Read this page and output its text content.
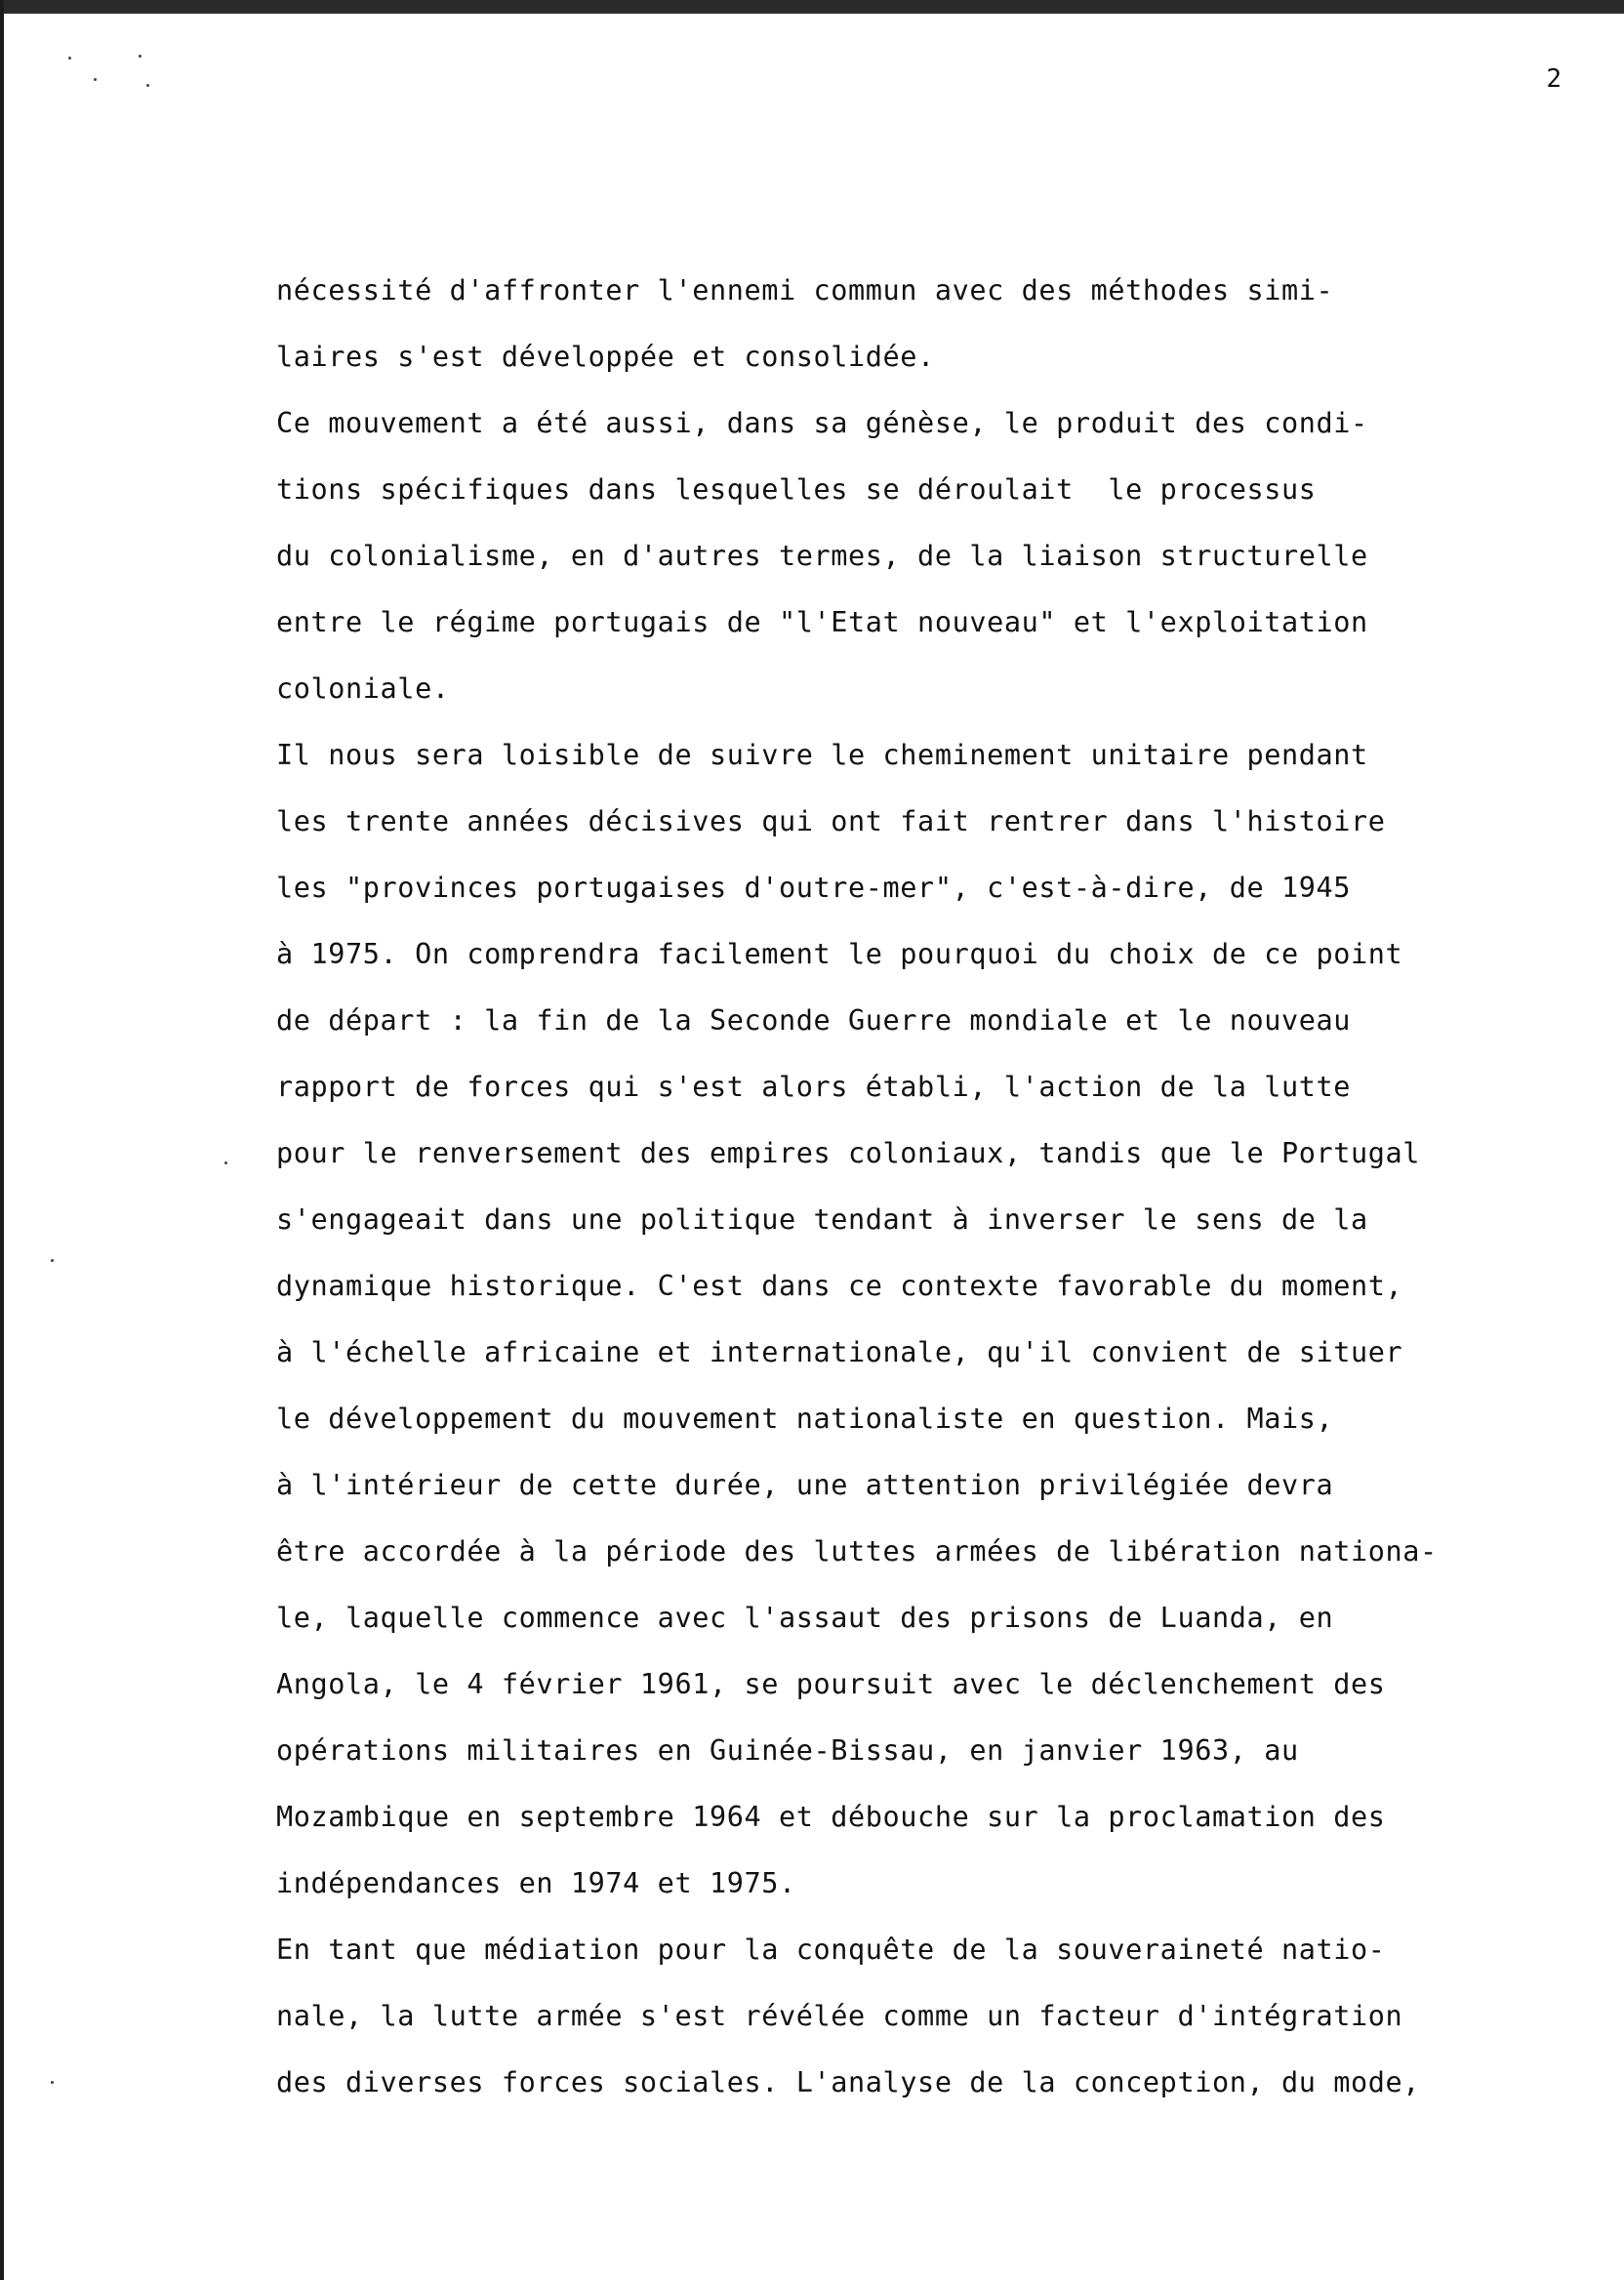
2
nécessité d'affronter l'ennemi commun avec des méthodes simi-
laires s'est développée et consolidée.
Ce mouvement a été aussi, dans sa génèse, le produit des condi-
tions spécifiques dans lesquelles se déroulait  le processus
du colonialisme, en d'autres termes, de la liaison structurelle
entre le régime portugais de "l'Etat nouveau" et l'exploitation
coloniale.
Il nous sera loisible de suivre le cheminement unitaire pendant
les trente années décisives qui ont fait rentrer dans l'histoire
les "provinces portugaises d'outre-mer", c'est-à-dire, de 1945
à 1975. On comprendra facilement le pourquoi du choix de ce point
de départ : la fin de la Seconde Guerre mondiale et le nouveau
rapport de forces qui s'est alors établi, l'action de la lutte
pour le renversement des empires coloniaux, tandis que le Portugal
s'engageait dans une politique tendant à inverser le sens de la
dynamique historique. C'est dans ce contexte favorable du moment,
à l'échelle africaine et internationale, qu'il convient de situer
le développement du mouvement nationaliste en question. Mais,
à l'intérieur de cette durée, une attention privilégiée devra
être accordée à la période des luttes armées de libération nationa-
le, laquelle commence avec l'assaut des prisons de Luanda, en
Angola, le 4 février 1961, se poursuit avec le déclenchement des
opérations militaires en Guinée-Bissau, en janvier 1963, au
Mozambique en septembre 1964 et débouche sur la proclamation des
indépendances en 1974 et 1975.
En tant que médiation pour la conquête de la souveraineté natio-
nale, la lutte armée s'est révélée comme un facteur d'intégration
des diverses forces sociales. L'analyse de la conception, du mode,
